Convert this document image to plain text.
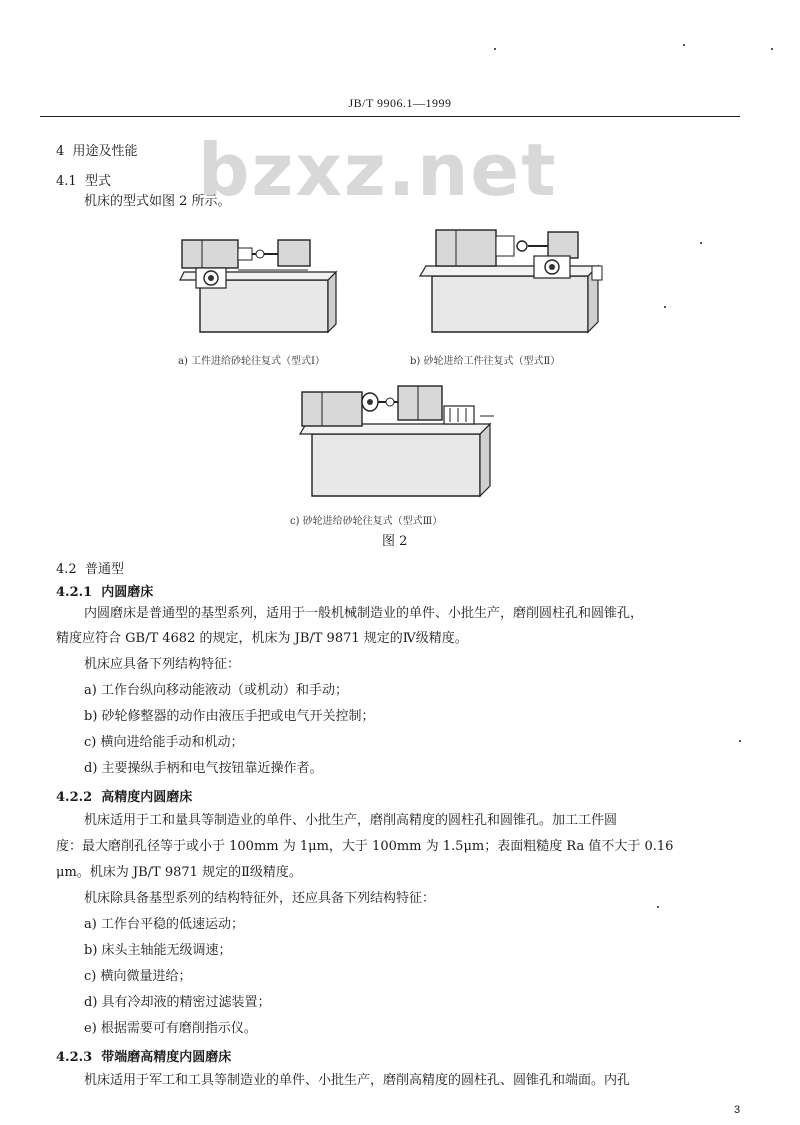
JB/T 9906.1—1999
bzxz.net
4 用途及性能
4.1 型式
机床的型式如图 2 所示。
a) 工件进给砂轮往复式（型式Ⅰ）	b) 砂轮进给工件往复式（型式Ⅱ）
c) 砂轮进给砂轮往复式（型式Ⅲ）
图 2
4.2 普通型
4.2.1 内圆磨床
内圆磨床是普通型的基型系列，适用于一般机械制造业的单件、小批生产，磨削圆柱孔和圆锥孔，
精度应符合 GB/T 4682 的规定，机床为 JB/T 9871 规定的Ⅳ级精度。
机床应具备下列结构特征：
a) 工作台纵向移动能液动（或机动）和手动；
b) 砂轮修整器的动作由液压手把或电气开关控制；
c) 横向进给能手动和机动；
d) 主要操纵手柄和电气按钮靠近操作者。
4.2.2 高精度内圆磨床
机床适用于工和量具等制造业的单件、小批生产，磨削高精度的圆柱孔和圆锥孔。加工工件圆
度：最大磨削孔径等于或小于 100mm 为 1μm，大于 100mm 为 1.5μm；表面粗糙度 Ra 值不大于 0.16
μm。机床为 JB/T 9871 规定的Ⅱ级精度。
机床除具备基型系列的结构特征外，还应具备下列结构特征：
a) 工作台平稳的低速运动；
b) 床头主轴能无级调速；
c) 横向微量进给；
d) 具有冷却液的精密过滤装置；
e) 根据需要可有磨削指示仪。
4.2.3 带端磨高精度内圆磨床
机床适用于军工和工具等制造业的单件、小批生产，磨削高精度的圆柱孔、圆锥孔和端面。内孔
3
